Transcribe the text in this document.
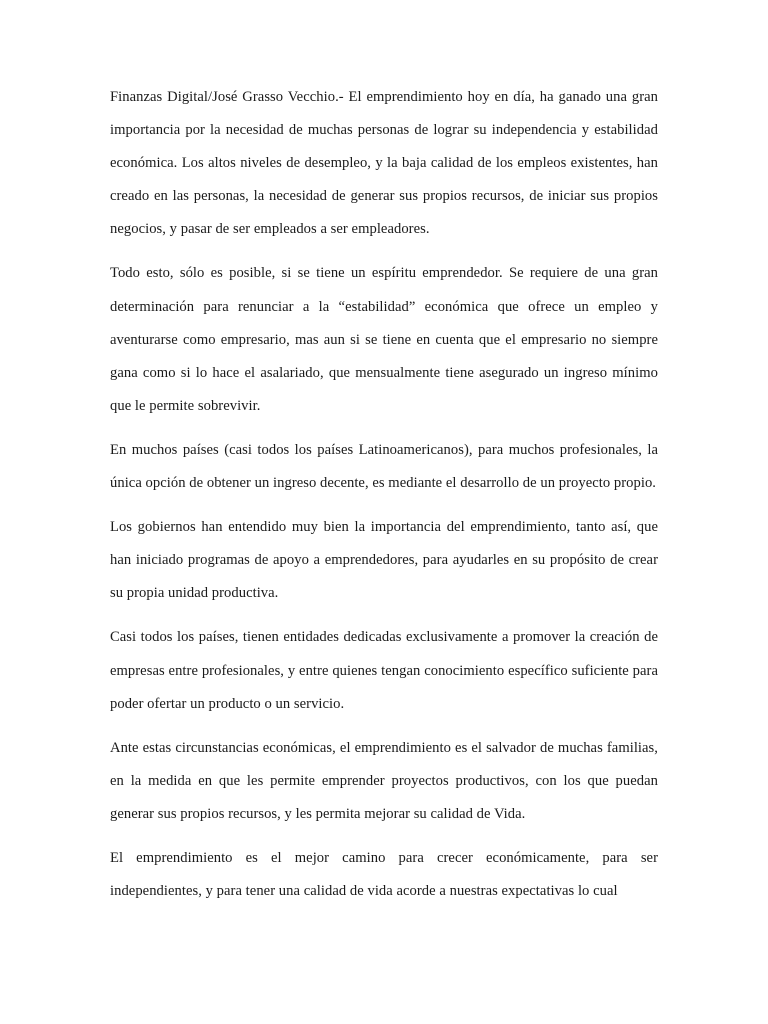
Finanzas Digital/José Grasso Vecchio.- El emprendimiento hoy en día, ha ganado una gran importancia por la necesidad de muchas personas de lograr su independencia y estabilidad económica. Los altos niveles de desempleo, y la baja calidad de los empleos existentes, han creado en las personas, la necesidad de generar sus propios recursos, de iniciar sus propios negocios, y pasar de ser empleados a ser empleadores.

Todo esto, sólo es posible, si se tiene un espíritu emprendedor. Se requiere de una gran determinación para renunciar a la “estabilidad” económica que ofrece un empleo y aventurarse como empresario, mas aun si se tiene en cuenta que el empresario no siempre gana como si lo hace el asalariado, que mensualmente tiene asegurado un ingreso mínimo que le permite sobrevivir.

En muchos países (casi todos los países Latinoamericanos), para muchos profesionales, la única opción de obtener un ingreso decente, es mediante el desarrollo de un proyecto propio.

Los gobiernos han entendido muy bien la importancia del emprendimiento, tanto así, que han iniciado programas de apoyo a emprendedores, para ayudarles en su propósito de crear su propia unidad productiva.

Casi todos los países, tienen entidades dedicadas exclusivamente a promover la creación de empresas entre profesionales, y entre quienes tengan conocimiento específico suficiente para poder ofertar un producto o un servicio.

Ante estas circunstancias económicas, el emprendimiento es el salvador de muchas familias, en la medida en que les permite emprender proyectos productivos, con los que puedan generar sus propios recursos, y les permita mejorar su calidad de Vida.

El emprendimiento es el mejor camino para crecer económicamente, para ser independientes, y para tener una calidad de vida acorde a nuestras expectativas lo cual
